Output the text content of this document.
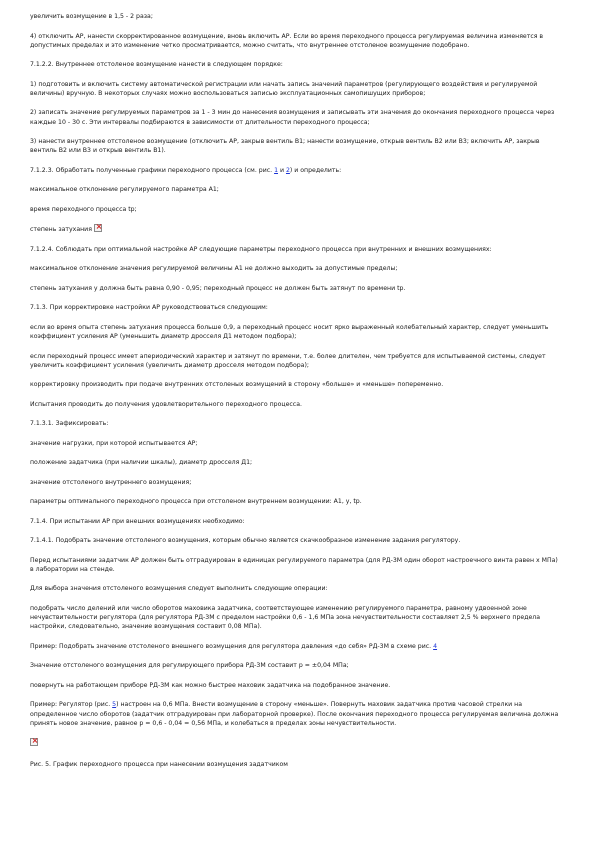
увеличить возмущение в 1,5 - 2 раза;

4) отключить АР, нанести скорректированное возмущение, вновь включить АР. Если во время переходного процесса регулируемая величина изменяется в допустимых пределах и это изменение четко просматривается, можно считать, что внутреннее отстоленое возмущение подобрано.

7.1.2.2. Внутреннее отстоленое возмущение нанести в следующем порядке:

1) подготовить и включить систему автоматической регистрации или начать запись значений параметров (регулирующего воздействия и регулируемой величины) вручную. В некоторых случаях можно воспользоваться записью эксплуатационных самопишущих приборов;

2) записать значение регулируемых параметров за 1 - 3 мин до нанесения возмущения и записывать эти значения до окончания переходного процесса через каждые 10 - 30 с. Эти интервалы подбираются в зависимости от длительности переходного процесса;

3) нанести внутреннее отстоленое возмущение (отключить АР, закрыв вентиль В1; нанести возмущение, открыв вентиль В2 или В3; включить АР, закрыв вентиль В2 или В3 и открыв вентиль В1).

7.1.2.3. Обработать полученные графики переходного процесса (см. рис. 1 и 2) и определить:

максимальное отклонение регулируемого параметра А1;

время переходного процесса tр;

степень затухания×

7.1.2.4. Соблюдать при оптимальной настройке АР следующие параметры переходного процесса при внутренних и внешних возмущениях:

максимальное отклонение значения регулируемой величины А1 не должно выходить за допустимые пределы;

степень затухания у должна быть равна 0,90 - 0,95; переходный процесс не должен быть затянут по времени tр.

7.1.3. При корректировке настройки АР руководствоваться следующим:

если во время опыта степень затухания процесса больше 0,9, а переходный процесс носит ярко выраженный колебательный характер, следует уменьшить коэффициент усиления АР (уменьшить диаметр дросселя Д1 методом подбора);

если переходный процесс имеет апериодический характер и затянут по времени, т.е. более длителен, чем требуется для испытываемой системы, следует увеличить коэффициент усиления (увеличить диаметр дросселя методом подбора);

корректировку производить при подаче внутренних отстоленых возмущений в сторону «больше» и «меньше» попеременно.

Испытания проводить до получения удовлетворительного переходного процесса.

7.1.3.1. Зафиксировать:

значение нагрузки, при которой испытывается АР;

положение задатчика (при наличии шкалы), диаметр дросселя Д1;

значение отстоленого внутреннего возмущения;

параметры оптимального переходного процесса при отстоленом внутреннем возмущении: А1, у, tр.

7.1.4. При испытании АР при внешних возмущениях необходимо:

7.1.4.1. Подобрать значение отстоленого возмущения, которым обычно является скачкообразное изменение задания регулятору.

Перед испытаниями задатчик АР должен быть отградуирован в единицах регулируемого параметра (для РД-3М один оборот настроечного винта равен х МПа) в лаборатории на стенде.

Для выбора значения отстоленого возмущения следует выполнить следующие операции:

подобрать число делений или число оборотов маховика задатчика, соответствующее изменению регулируемого параметра, равному удвоенной зоне нечувствительности регулятора (для регулятора РД-3М с пределом настройки 0,6 - 1,6 МПа зона нечувствительности составляет 2,5 % верхнего предела настройки, следовательно, значение возмущения составит 0,08 МПа).

Пример: Подобрать значение отстоленого внешнего возмущения для регулятора давления «до себя» РД-3М в схеме рис. 4

Значение отстоленого возмущения для регулирующего прибора РД-3М составит p = ±0,04 МПа;

повернуть на работающем приборе РД-3М как можно быстрее маховик задатчика на подобранное значение.

Пример: Регулятор (рис. 5) настроен на 0,6 МПа. Внести возмущение в сторону «меньше». Повернуть маховик задатчика против часовой стрелки на определенное число оборотов (задатчик отградуирован при лабораторной проверке). После окончания переходного процесса регулируемая величина должна принять новое значение, равное p = 0,6 - 0,04 = 0,56 МПа, и колебаться в пределах зоны нечувствительности.

×

Рис. 5. График переходного процесса при нанесении возмущения задатчиком
